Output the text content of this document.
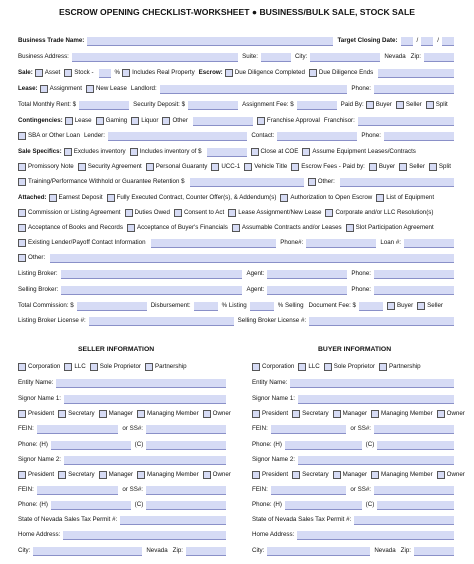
ESCROW OPENING CHECKLIST-WORKSHEET ● BUSINESS/BULK SALE, STOCK SALE
Business Trade Name:	Target Closing Date:	/	/
Business Address:	Suite:	City:	Nevada Zip:
Sale: Asset Stock -	% Includes Real Property Escrow: Due Diligence Completed Due Diligence Ends
Lease: Assignment New Lease Landlord:	Phone:
Total Monthly Rent: $	Security Deposit: $	Assignment Fee: $	Paid By: Buyer Seller Split
Contingencies: Lease Gaming Liquor Other	Franchise Approval Franchisor:
SBA or Other Loan Lender:	Contact:	Phone:
Sale Specifics: Excludes inventory Includes inventory of $	Close at COE Assume Equipment Leases/Contracts
Promissory Note Security Agreement Personal Guaranty UCC-1 Vehicle Title Escrow Fees - Paid by: Buyer Seller Split
Training/Performance Withhold or Guarantee Retention $	Other:
Attached: Earnest Deposit Fully Executed Contract, Counter Offer(s), & Addendum(s) Authorization to Open Escrow List of Equipment
Commission or Listing Agreement Duties Owed Consent to Act Lease Assignment/New Lease Corporate and/or LLC Resolution(s)
Acceptance of Books and Records Acceptance of Buyer's Financials Assumable Contracts and/or Leases Slot Participation Agreement
Existing Lender/Payoff Contact Information	Phone#:	Loan #:
Other:
Listing Broker:	Agent:	Phone:
Selling Broker:	Agent:	Phone:
Total Commission: $	Disbursement:	% Listing	% Selling Document Fee: $	Buyer Seller
Listing Broker License #:	Selling Broker License #:
SELLER INFORMATION	BUYER INFORMATION
Corporation LLC Sole Proprietor Partnership
Entity Name:
Signor Name 1:
President Secretary Manager Managing Member Owner
FEIN:	or SS#:
Phone: (H)	(C)
Signor Name 2:
President Secretary Manager Managing Member Owner
FEIN:	or SS#:
Phone: (H)	(C)
State of Nevada Sales Tax Permit #:
Home Address:
City:	Nevada Zip:
Corporation LLC Sole Proprietor Partnership
Entity Name:
Signor Name 1:
President Secretary Manager Managing Member Owner
FEIN:	or SS#:
Phone: (H)	(C)
Signor Name 2:
President Secretary Manager Managing Member Owner
FEIN:	or SS#:
Phone: (H)	(C)
State of Nevada Sales Tax Permit #:
Home Address:
City:	Nevada Zip:
